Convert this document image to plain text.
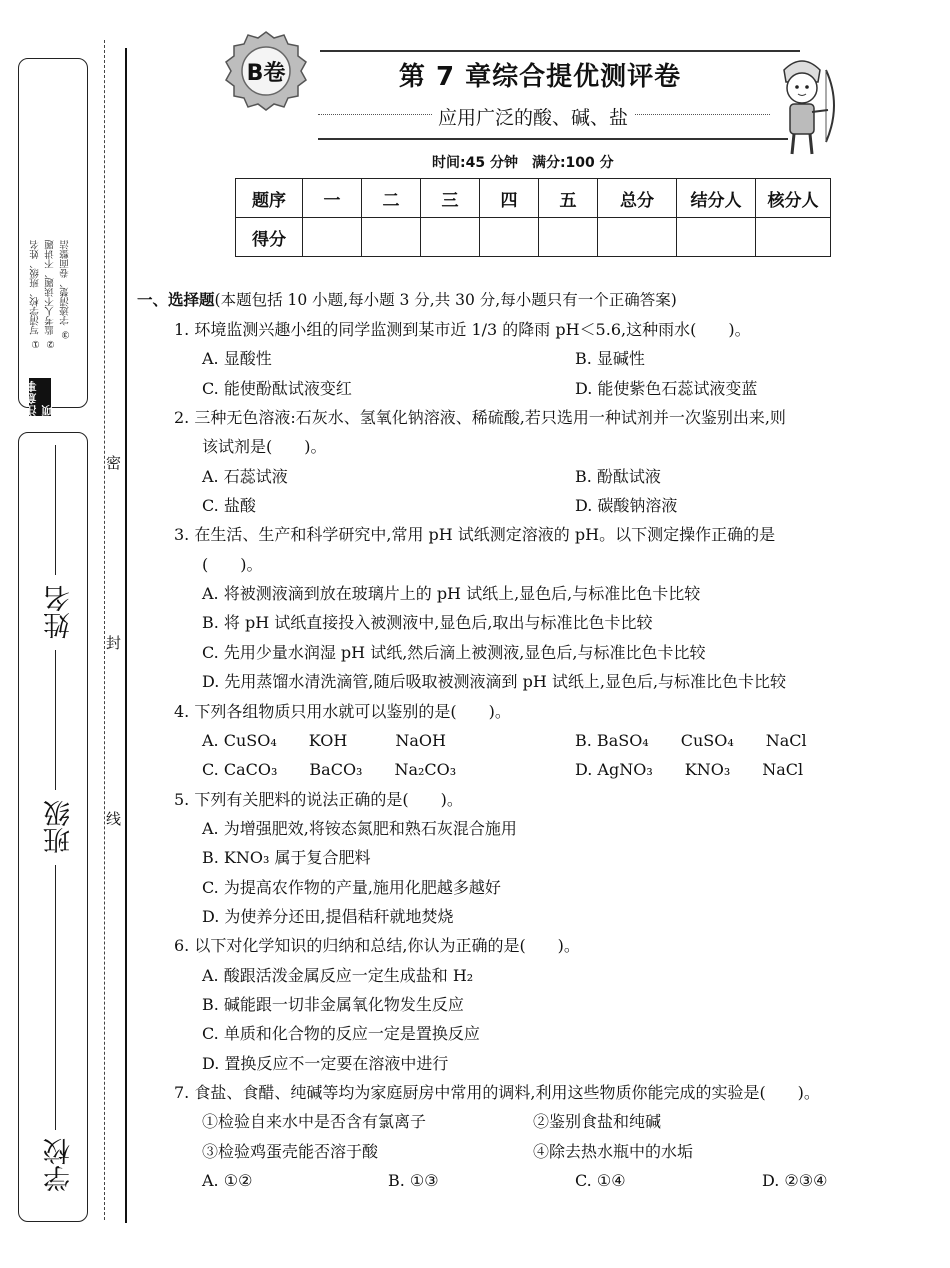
① 写清学校、班级、姓名 ② 监考人不读题、不讲题 ③ 字迹清楚、卷面整洁
注意事项
姓名
班级
学校
密
封
线
B卷	第 7 章综合提优测评卷
应用广泛的酸、碱、盐
时间:45 分钟　满分:100 分
题序	一	二	三	四	五	总分	结分人	核分人
得分								
一、选择题(本题包括 10 小题,每小题 3 分,共 30 分,每小题只有一个正确答案)
1. 环境监测兴趣小组的同学监测到某市近 1/3 的降雨 pH＜5.6,这种雨水(　　)。
A. 显酸性	B. 显碱性
C. 能使酚酞试液变红	D. 能使紫色石蕊试液变蓝
2. 三种无色溶液:石灰水、氢氧化钠溶液、稀硫酸,若只选用一种试剂并一次鉴别出来,则
该试剂是(　　)。
A. 石蕊试液	B. 酚酞试液
C. 盐酸	D. 碳酸钠溶液
3. 在生活、生产和科学研究中,常用 pH 试纸测定溶液的 pH。以下测定操作正确的是
(　　)。
A. 将被测液滴到放在玻璃片上的 pH 试纸上,显色后,与标准比色卡比较
B. 将 pH 试纸直接投入被测液中,显色后,取出与标准比色卡比较
C. 先用少量水润湿 pH 试纸,然后滴上被测液,显色后,与标准比色卡比较
D. 先用蒸馏水清洗滴管,随后吸取被测液滴到 pH 试纸上,显色后,与标准比色卡比较
4. 下列各组物质只用水就可以鉴别的是(　　)。
A. CuSO₄　　KOH　　　NaOH	B. BaSO₄　　CuSO₄　　NaCl
C. CaCO₃　　BaCO₃　　Na₂CO₃	D. AgNO₃　　KNO₃　　NaCl
5. 下列有关肥料的说法正确的是(　　)。
A. 为增强肥效,将铵态氮肥和熟石灰混合施用
B. KNO₃ 属于复合肥料
C. 为提高农作物的产量,施用化肥越多越好
D. 为使养分还田,提倡秸秆就地焚烧
6. 以下对化学知识的归纳和总结,你认为正确的是(　　)。
A. 酸跟活泼金属反应一定生成盐和 H₂
B. 碱能跟一切非金属氧化物发生反应
C. 单质和化合物的反应一定是置换反应
D. 置换反应不一定要在溶液中进行
7. 食盐、食醋、纯碱等均为家庭厨房中常用的调料,利用这些物质你能完成的实验是(　　)。
①检验自来水中是否含有氯离子	②鉴别食盐和纯碱
③检验鸡蛋壳能否溶于酸	④除去热水瓶中的水垢
A. ①②	B. ①③	C. ①④	D. ②③④
